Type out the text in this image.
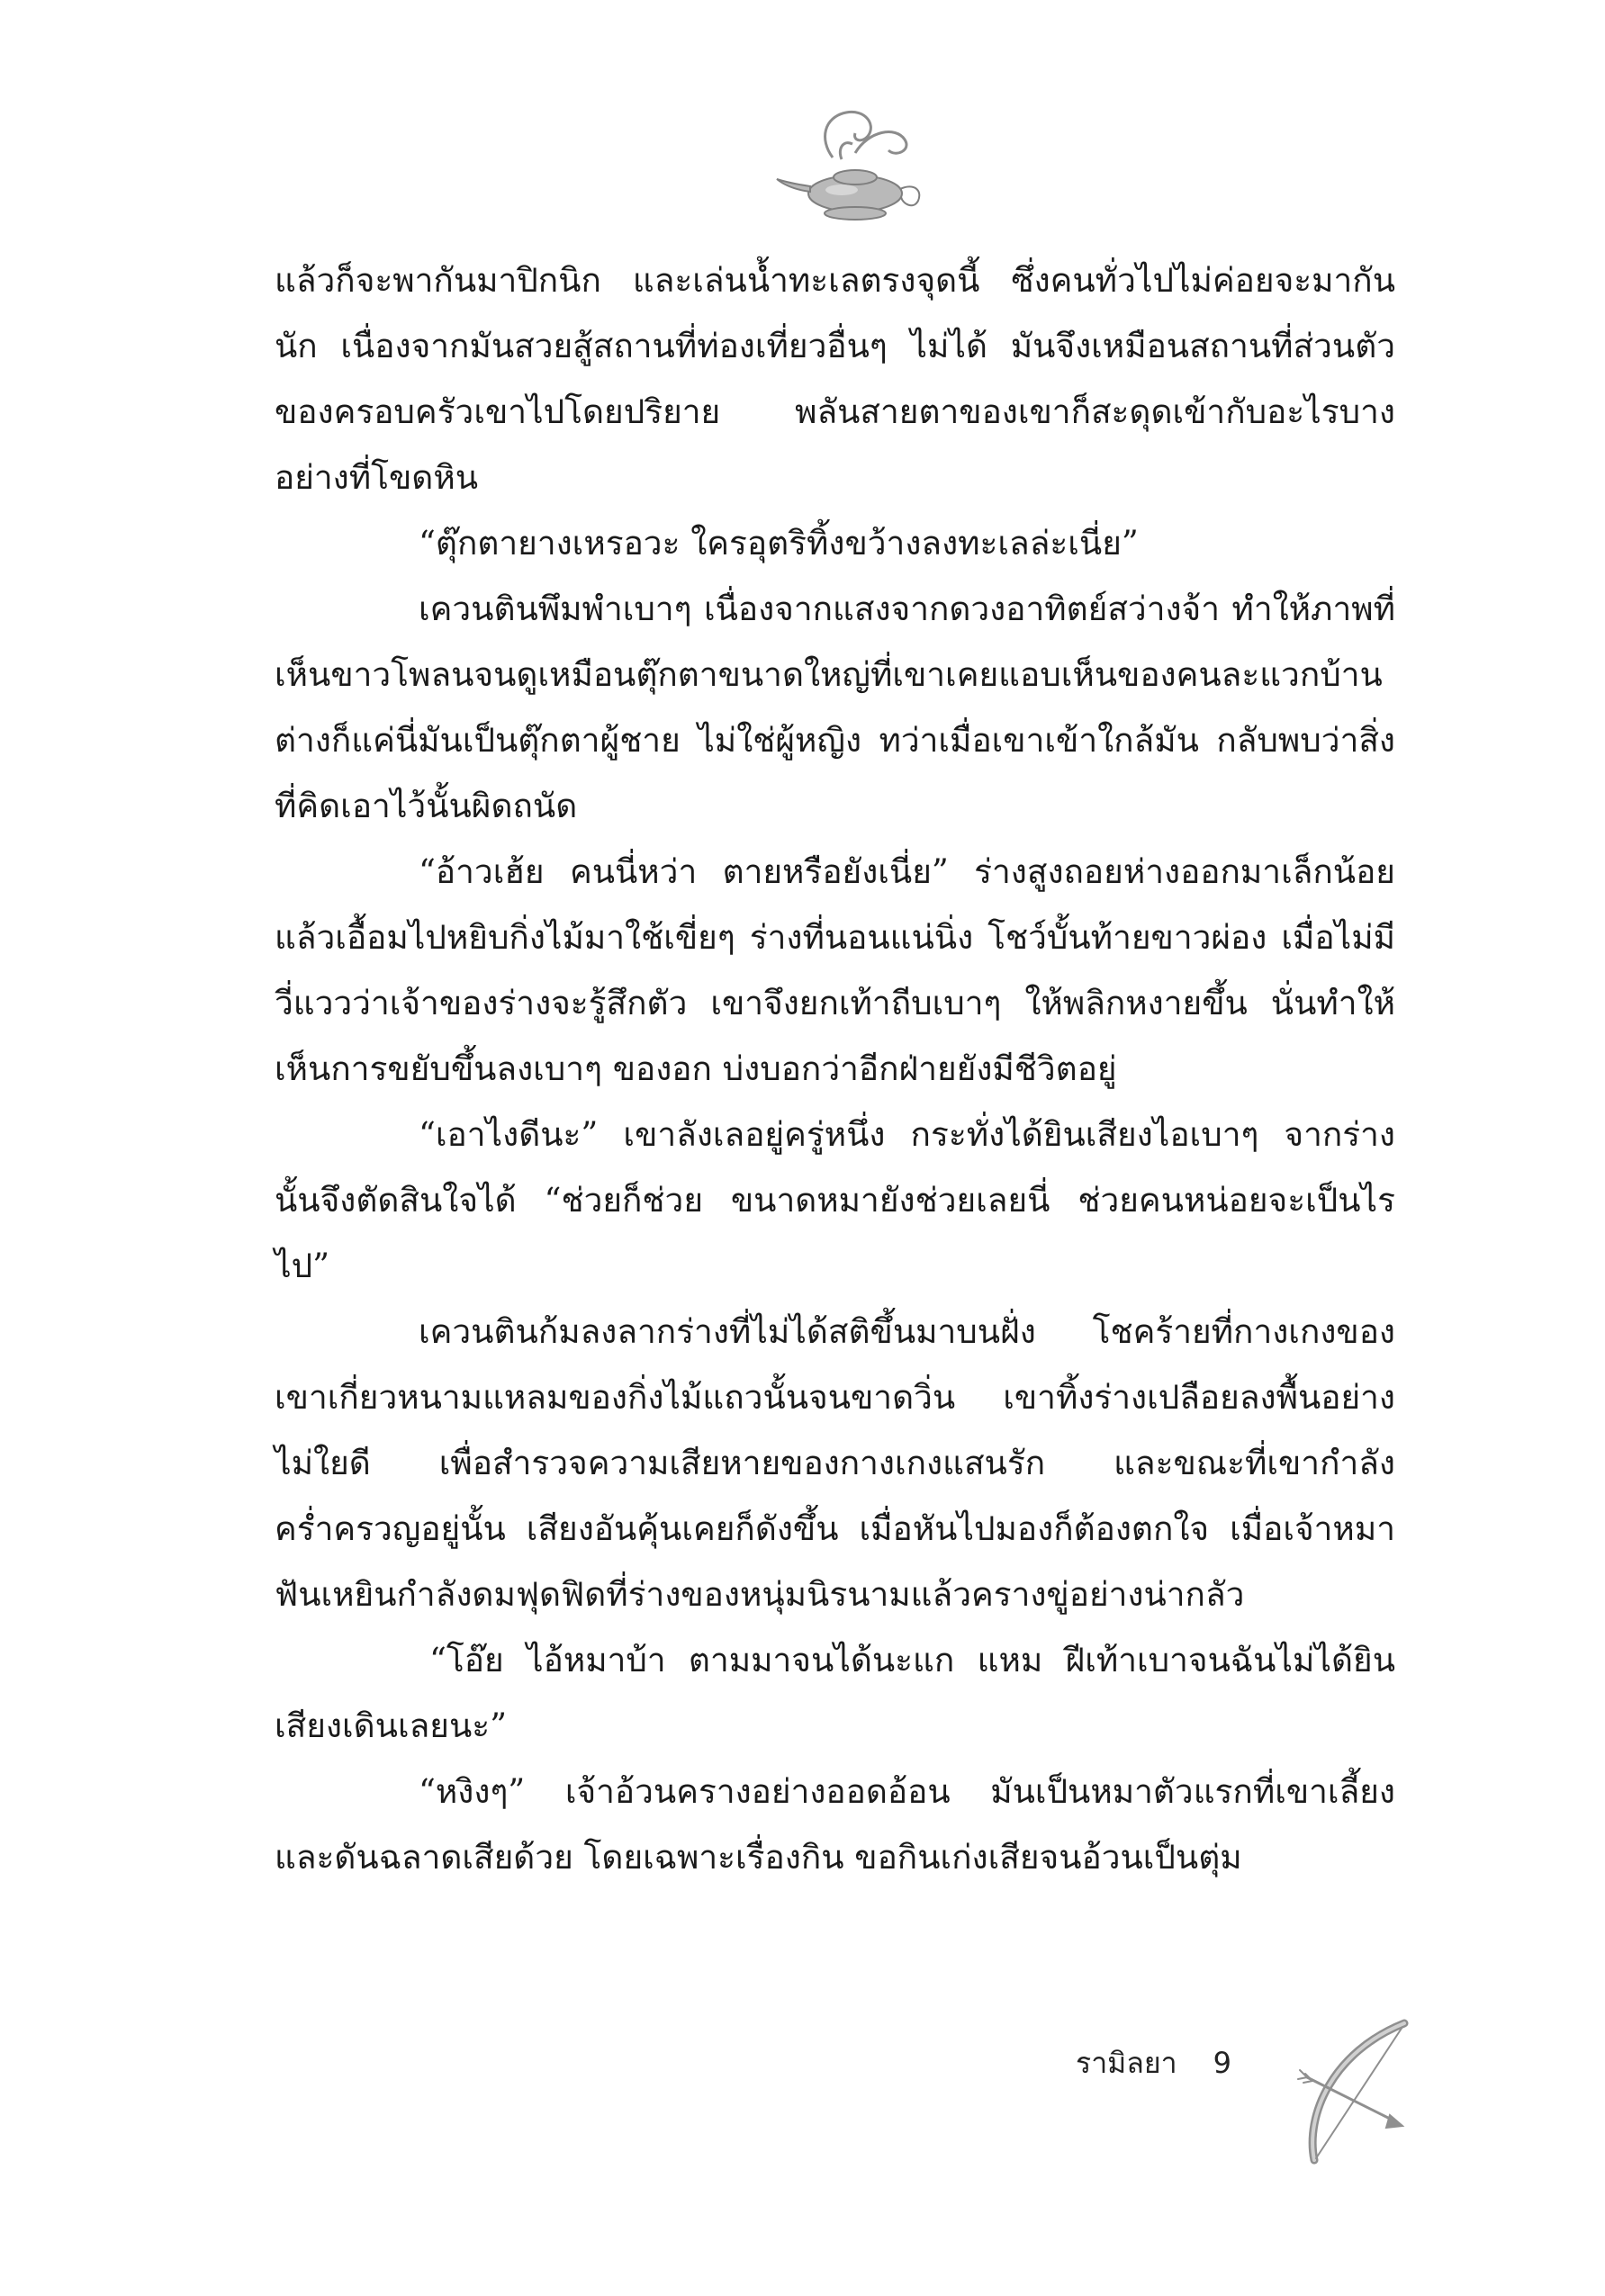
แล้วก็จะพากันมาปิกนิก และเล่นน้ำทะเลตรงจุดนี้ ซึ่งคนทั่วไปไม่ค่อยจะมากันนัก เนื่องจากมันสวยสู้สถานที่ท่องเที่ยวอื่นๆ ไม่ได้ มันจึงเหมือนสถานที่ส่วนตัวของครอบครัวเขาไปโดยปริยาย พลันสายตาของเขาก็สะดุดเข้ากับอะไรบางอย่างที่โขดหิน

“ตุ๊กตายางเหรอวะ ใครอุตริทิ้งขว้างลงทะเลล่ะเนี่ย”

เควนตินพึมพำเบาๆ เนื่องจากแสงจากดวงอาทิตย์สว่างจ้า ทำให้ภาพที่เห็นขาวโพลนจนดูเหมือนตุ๊กตาขนาดใหญ่ที่เขาเคยแอบเห็นของคนละแวกบ้าน ต่างก็แค่นี่มันเป็นตุ๊กตาผู้ชาย ไม่ใช่ผู้หญิง ทว่าเมื่อเขาเข้าใกล้มัน กลับพบว่าสิ่งที่คิดเอาไว้นั้นผิดถนัด

“อ้าวเฮ้ย คนนี่หว่า ตายหรือยังเนี่ย” ร่างสูงถอยห่างออกมาเล็กน้อย แล้วเอื้อมไปหยิบกิ่งไม้มาใช้เขี่ยๆ ร่างที่นอนแน่นิ่ง โชว์บั้นท้ายขาวผ่อง เมื่อไม่มีวี่แววว่าเจ้าของร่างจะรู้สึกตัว เขาจึงยกเท้าถีบเบาๆ ให้พลิกหงายขึ้น นั่นทำให้เห็นการขยับขึ้นลงเบาๆ ของอก บ่งบอกว่าอีกฝ่ายยังมีชีวิตอยู่

“เอาไงดีนะ” เขาลังเลอยู่ครู่หนึ่ง กระทั่งได้ยินเสียงไอเบาๆ จากร่างนั้นจึงตัดสินใจได้ “ช่วยก็ช่วย ขนาดหมายังช่วยเลยนี่ ช่วยคนหน่อยจะเป็นไรไป”

เควนตินก้มลงลากร่างที่ไม่ได้สติขึ้นมาบนฝั่ง โชคร้ายที่กางเกงของเขาเกี่ยวหนามแหลมของกิ่งไม้แถวนั้นจนขาดวิ่น เขาทิ้งร่างเปลือยลงพื้นอย่างไม่ใยดี เพื่อสำรวจความเสียหายของกางเกงแสนรัก และขณะที่เขากำลังคร่ำครวญอยู่นั้น เสียงอันคุ้นเคยก็ดังขึ้น เมื่อหันไปมองก็ต้องตกใจ เมื่อเจ้าหมาฟันเหยินกำลังดมฟุดฟิดที่ร่างของหนุ่มนิรนามแล้วครางขู่อย่างน่ากลัว

“โอ๊ย ไอ้หมาบ้า ตามมาจนได้นะแก แหม ฝีเท้าเบาจนฉันไม่ได้ยินเสียงเดินเลยนะ”

“หงิงๆ” เจ้าอ้วนครางอย่างออดอ้อน มันเป็นหมาตัวแรกที่เขาเลี้ยง และดันฉลาดเสียด้วย โดยเฉพาะเรื่องกิน ขอกินเก่งเสียจนอ้วนเป็นตุ่ม

รามิลยา 9
